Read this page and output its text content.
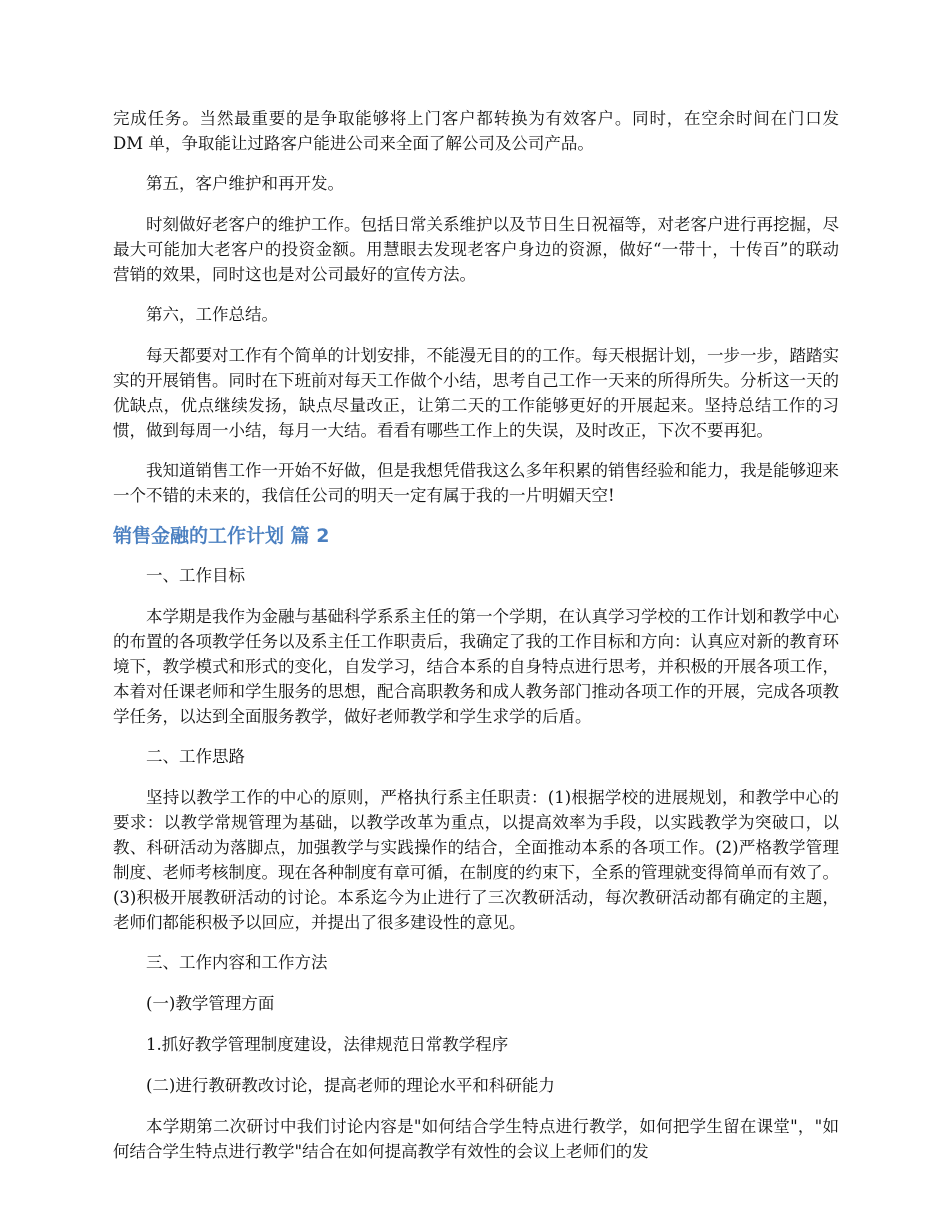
完成任务。当然最重要的是争取能够将上门客户都转换为有效客户。同时，在空余时间在门口发 DM 单，争取能让过路客户能进公司来全面了解公司及公司产品。

第五，客户维护和再开发。

时刻做好老客户的维护工作。包括日常关系维护以及节日生日祝福等，对老客户进行再挖掘，尽最大可能加大老客户的投资金额。用慧眼去发现老客户身边的资源，做好“一带十，十传百”的联动营销的效果，同时这也是对公司最好的宣传方法。

第六，工作总结。

每天都要对工作有个简单的计划安排，不能漫无目的的工作。每天根据计划，一步一步，踏踏实实的开展销售。同时在下班前对每天工作做个小结，思考自己工作一天来的所得所失。分析这一天的优缺点，优点继续发扬，缺点尽量改正，让第二天的工作能够更好的开展起来。坚持总结工作的习惯，做到每周一小结，每月一大结。看看有哪些工作上的失误，及时改正，下次不要再犯。

我知道销售工作一开始不好做，但是我想凭借我这么多年积累的销售经验和能力，我是能够迎来一个不错的未来的，我信任公司的明天一定有属于我的一片明媚天空!

销售金融的工作计划 篇 2

一、工作目标

本学期是我作为金融与基础科学系系主任的第一个学期，在认真学习学校的工作计划和教学中心的布置的各项教学任务以及系主任工作职责后，我确定了我的工作目标和方向：认真应对新的教育环境下，教学模式和形式的变化，自发学习，结合本系的自身特点进行思考，并积极的开展各项工作，本着对任课老师和学生服务的思想，配合高职教务和成人教务部门推动各项工作的开展，完成各项教学任务，以达到全面服务教学，做好老师教学和学生求学的后盾。

二、工作思路

坚持以教学工作的中心的原则，严格执行系主任职责：(1)根据学校的进展规划，和教学中心的要求：以教学常规管理为基础，以教学改革为重点，以提高效率为手段，以实践教学为突破口，以教、科研活动为落脚点，加强教学与实践操作的结合，全面推动本系的各项工作。(2)严格教学管理制度、老师考核制度。现在各种制度有章可循，在制度的约束下，全系的管理就变得简单而有效了。(3)积极开展教研活动的讨论。本系迄今为止进行了三次教研活动，每次教研活动都有确定的主题，老师们都能积极予以回应，并提出了很多建设性的意见。

三、工作内容和工作方法

(一)教学管理方面

1.抓好教学管理制度建设，法律规范日常教学程序

(二)进行教研教改讨论，提高老师的理论水平和科研能力

本学期第二次研讨中我们讨论内容是"如何结合学生特点进行教学，如何把学生留在课堂"，"如何结合学生特点进行教学"结合在如何提高教学有效性的会议上老师们的发
